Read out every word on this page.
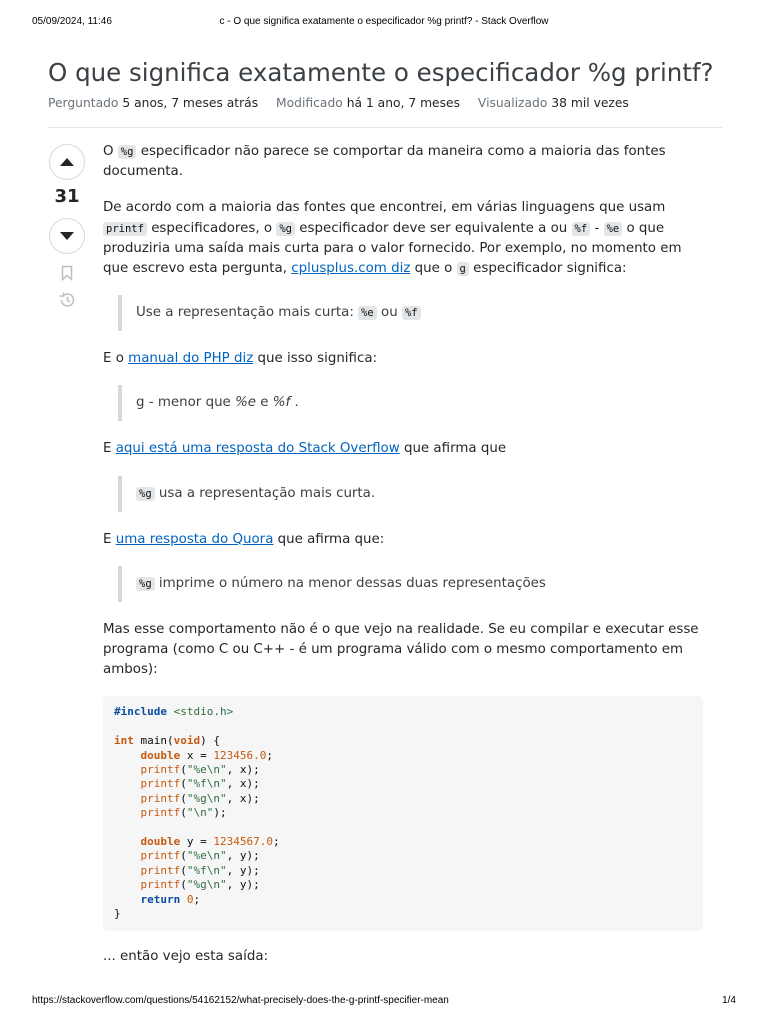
05/09/2024, 11:46	c - O que significa exatamente o especificador %g printf? - Stack Overflow
O que significa exatamente o especificador %g printf?
Perguntado 5 anos, 7 meses atrás Modificado há 1 ano, 7 meses Visualizado 38 mil vezes
31

O %g especificador não parece se comportar da maneira como a maioria das fontes documenta.

De acordo com a maioria das fontes que encontrei, em várias linguagens que usam printf especificadores, o %g especificador deve ser equivalente a ou %f - %e o que produziria uma saída mais curta para o valor fornecido. Por exemplo, no momento em que escrevo esta pergunta, cplusplus.com diz que o g especificador significa:

Use a representação mais curta: %e ou %f

E o manual do PHP diz que isso significa:

g - menor que %e e %f .

E aqui está uma resposta do Stack Overflow que afirma que

%g usa a representação mais curta.

E uma resposta do Quora que afirma que:

%g imprime o número na menor dessas duas representações

Mas esse comportamento não é o que vejo na realidade. Se eu compilar e executar esse programa (como C ou C++ - é um programa válido com o mesmo comportamento em ambos):

#include <stdio.h>
int main(void) {
double x = 123456.0;
printf("%e\n", x);
printf("%f\n", x);
printf("%g\n", x);
printf("\n");
double y = 1234567.0;
printf("%e\n", y);
printf("%f\n", y);
printf("%g\n", y);
return 0;
}

... então vejo esta saída:

https://stackoverflow.com/questions/54162152/what-precisely-does-the-g-printf-specifier-mean	1/4
